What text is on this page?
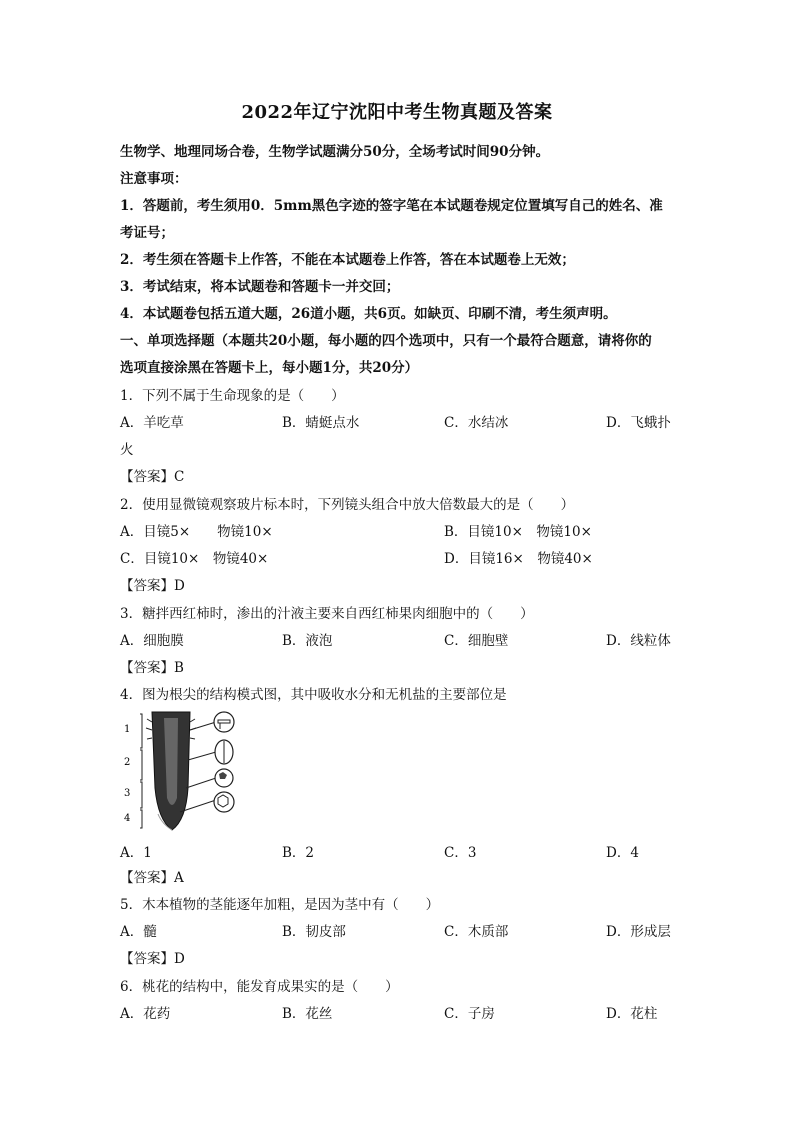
2022年辽宁沈阳中考生物真题及答案
生物学、地理同场合卷，生物学试题满分50分，全场考试时间90分钟。
注意事项：
1．答题前，考生须用0．5mm黑色字迹的签字笔在本试题卷规定位置填写自己的姓名、准
考证号；
2．考生须在答题卡上作答，不能在本试题卷上作答，答在本试题卷上无效；
3．考试结束，将本试题卷和答题卡一并交回；
4．本试题卷包括五道大题，26道小题，共6页。如缺页、印刷不清，考生须声明。
一、单项选择题（本题共20小题，每小题的四个选项中，只有一个最符合题意，请将你的
选项直接涂黑在答题卡上，每小题1分，共20分）
1．下列不属于生命现象的是（　　）
A．羊吃草	B．蜻蜓点水	C．水结冰	D．飞蛾扑
火
【答案】C
2．使用显微镜观察玻片标本时，下列镜头组合中放大倍数最大的是（　　）
A．目镜5×　　物镜10×	B．目镜10×　物镜10×
C．目镜10×　物镜40×	D．目镜16×　物镜40×
【答案】D
3．糖拌西红柿时，渗出的汁液主要来自西红柿果肉细胞中的（　　）
A．细胞膜	B．液泡	C．细胞壁	D．线粒体
【答案】B
4．图为根尖的结构模式图，其中吸收水分和无机盐的主要部位是
1
2
3
4
A．1	B．2	C．3	D．4
【答案】A
5．木本植物的茎能逐年加粗，是因为茎中有（　　）
A．髓	B．韧皮部	C．木质部	D．形成层
【答案】D
6．桃花的结构中，能发育成果实的是（　　）
A．花药	B．花丝	C．子房	D．花柱
